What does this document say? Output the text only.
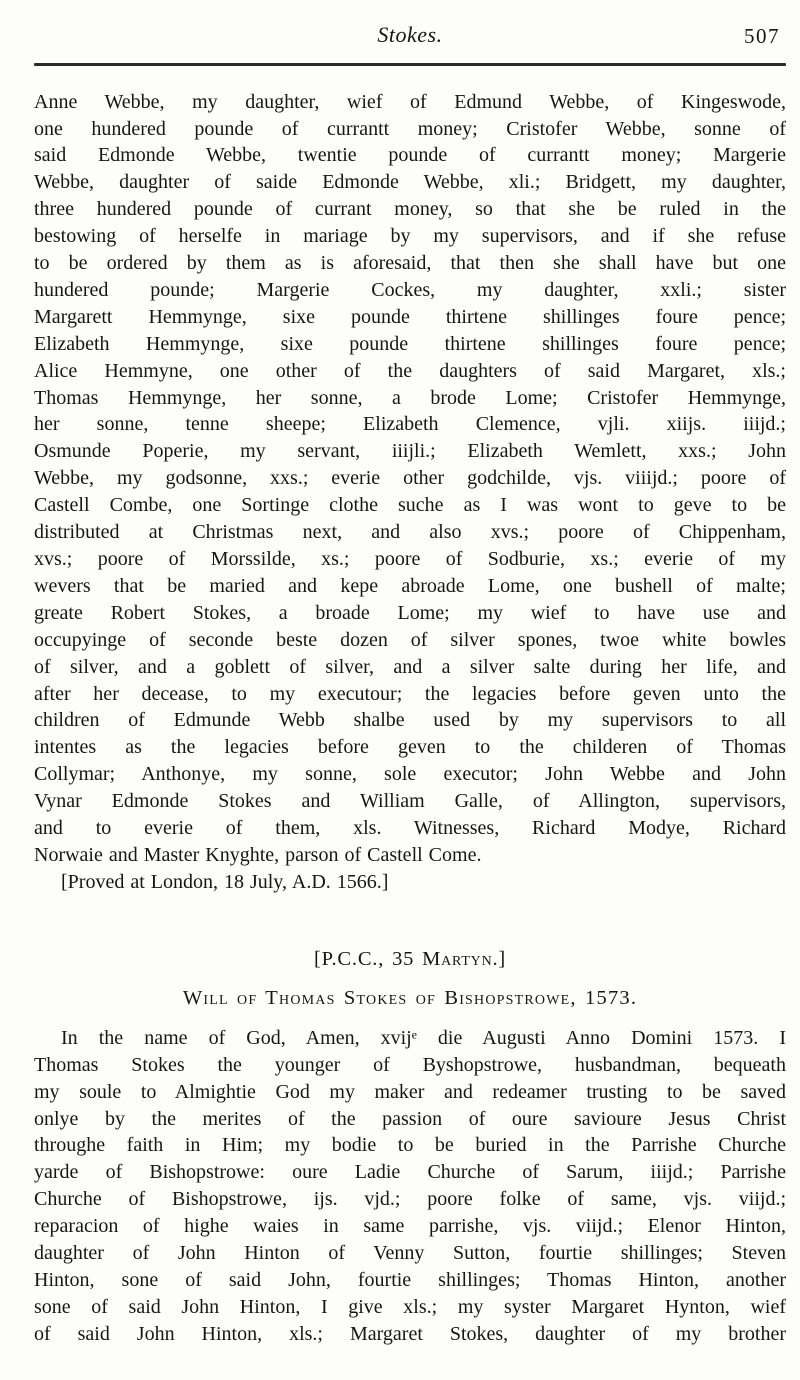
Stokes.	507
Anne Webbe, my daughter, wief of Edmund Webbe, of Kingeswode,
one hundered pounde of currantt money; Cristofer Webbe, sonne of
said Edmonde Webbe, twentie pounde of currantt money; Margerie
Webbe, daughter of saide Edmonde Webbe, xli.; Bridgett, my daughter,
three hundered pounde of currant money, so that she be ruled in the
bestowing of herselfe in mariage by my supervisors, and if she refuse
to be ordered by them as is aforesaid, that then she shall have but one
hundered pounde; Margerie Cockes, my daughter, xxli.; sister
Margarett Hemmynge, sixe pounde thirtene shillinges foure pence;
Elizabeth Hemmynge, sixe pounde thirtene shillinges foure pence;
Alice Hemmyne, one other of the daughters of said Margaret, xls.;
Thomas Hemmynge, her sonne, a brode Lome; Cristofer Hemmynge,
her sonne, tenne sheepe; Elizabeth Clemence, vjli. xiijs. iiijd.;
Osmunde Poperie, my servant, iiijli.; Elizabeth Wemlett, xxs.; John
Webbe, my godsonne, xxs.; everie other godchilde, vjs. viiijd.; poore of
Castell Combe, one Sortinge clothe suche as I was wont to geve to be
distributed at Christmas next, and also xvs.; poore of Chippenham,
xvs.; poore of Morssilde, xs.; poore of Sodburie, xs.; everie of my
wevers that be maried and kepe abroade Lome, one bushell of malte;
greate Robert Stokes, a broade Lome; my wief to have use and
occupyinge of seconde beste dozen of silver spones, twoe white bowles
of silver, and a goblett of silver, and a silver salte during her life, and
after her decease, to my executour; the legacies before geven unto the
children of Edmunde Webb shalbe used by my supervisors to all
intentes as the legacies before geven to the childeren of Thomas
Collymar; Anthonye, my sonne, sole executor; John Webbe and John
Vynar Edmonde Stokes and William Galle, of Allington, supervisors,
and to everie of them, xls. Witnesses, Richard Modye, Richard
Norwaie and Master Knyghte, parson of Castell Come.
[Proved at London, 18 July, A.D. 1566.]
[P.C.C., 35 Martyn.]
Will of Thomas Stokes of Bishopstrowe, 1573.
In the name of God, Amen, xvijᵉ die Augusti Anno Domini 1573. I
Thomas Stokes the younger of Byshopstrowe, husbandman, bequeath
my soule to Almightie God my maker and redeamer trusting to be saved
onlye by the merites of the passion of oure savioure Jesus Christ
throughe faith in Him; my bodie to be buried in the Parrishe Churche
yarde of Bishopstrowe: oure Ladie Churche of Sarum, iiijd.; Parrishe
Churche of Bishopstrowe, ijs. vjd.; poore folke of same, vjs. viijd.;
reparacion of highe waies in same parrishe, vjs. viijd.; Elenor Hinton,
daughter of John Hinton of Venny Sutton, fourtie shillinges; Steven
Hinton, sone of said John, fourtie shillinges; Thomas Hinton, another
sone of said John Hinton, I give xls.; my syster Margaret Hynton, wief
of said John Hinton, xls.; Margaret Stokes, daughter of my brother
